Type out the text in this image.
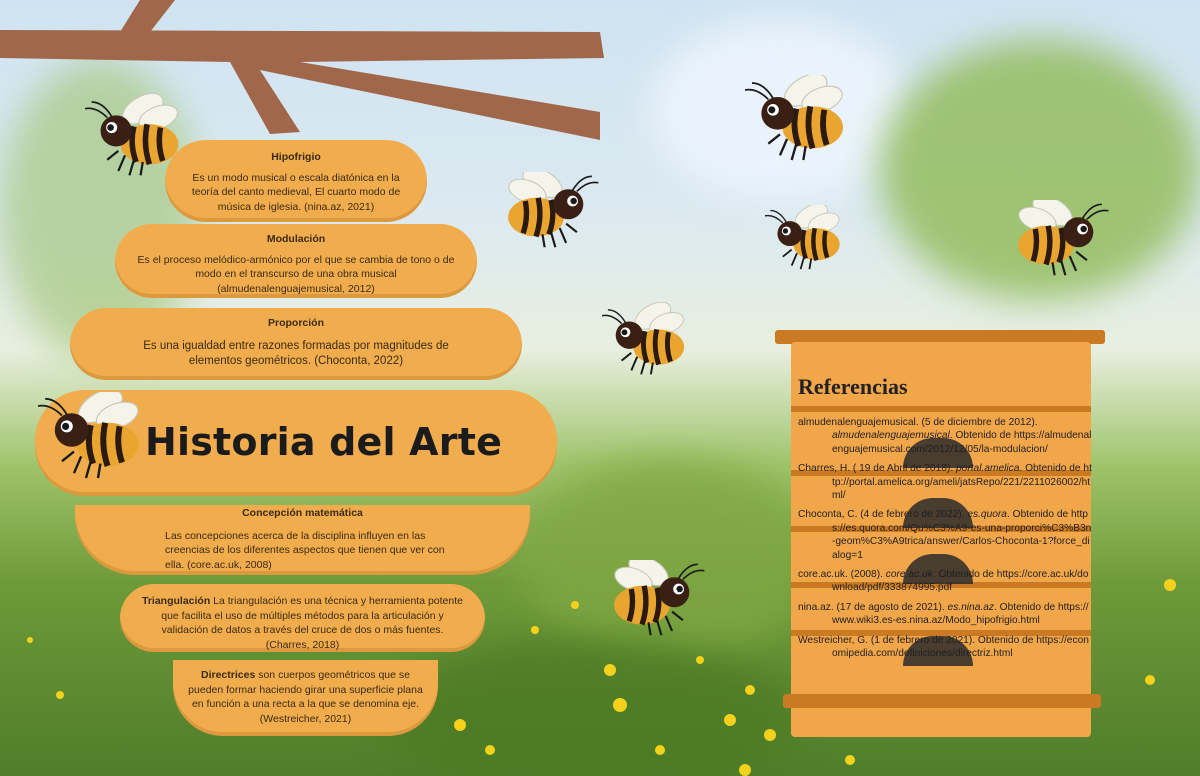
Hipofrigio
Es un modo musical o escala diatónica en la teoría del canto medieval, El cuarto modo de música de iglesia. (nina.az, 2021)
Modulación
Es el proceso melódico-armónico por el que se cambia de tono o de modo en el transcurso de una obra musical (almudenalenguajemusical, 2012)
Proporción
Es una igualdad entre razones formadas por magnitudes de elementos geométricos. (Choconta, 2022)
Historia del Arte
Concepción matemática
Las concepciones acerca de la disciplina influyen en las creencias de los diferentes aspectos que tienen que ver con ella. (core.ac.uk, 2008)
Triangulación La triangulación es una técnica y herramienta potente que facilita el uso de múltiples métodos para la articulación y validación de datos a través del cruce de dos o más fuentes. (Charres, 2018)
Directrices son cuerpos geométricos que se pueden formar haciendo girar una superficie plana en función a una recta a la que se denomina eje. (Westreicher, 2021)
Referencias
almudenalenguajemusical. (5 de diciembre de 2012). almudenalenguajemusical. Obtenido de https://almudenalenguajemusical.com/2012/12/05/la-modulacion/
Charres, H. ( 19 de Abril de 2018). portal.amelica. Obtenido de http://portal.amelica.org/ameli/jatsRepo/221/2211026002/html/
Choconta, C. (4 de febrero de 2022). es.quora. Obtenido de https://es.quora.com/Qu%C3%A9-es-una-proporci%C3%B3n-geom%C3%A9trica/answer/Carlos-Choconta-1?force_dialog=1
core.ac.uk. (2008). core.ac.uk. Obtenido de https://core.ac.uk/download/pdf/333874995.pdf
nina.az. (17 de agosto de 2021). es.nina.az. Obtenido de https://www.wiki3.es-es.nina.az/Modo_hipofrigio.html
Westreicher, G. (1 de febrero de 2021). Obtenido de https://economipedia.com/definiciones/directriz.html
